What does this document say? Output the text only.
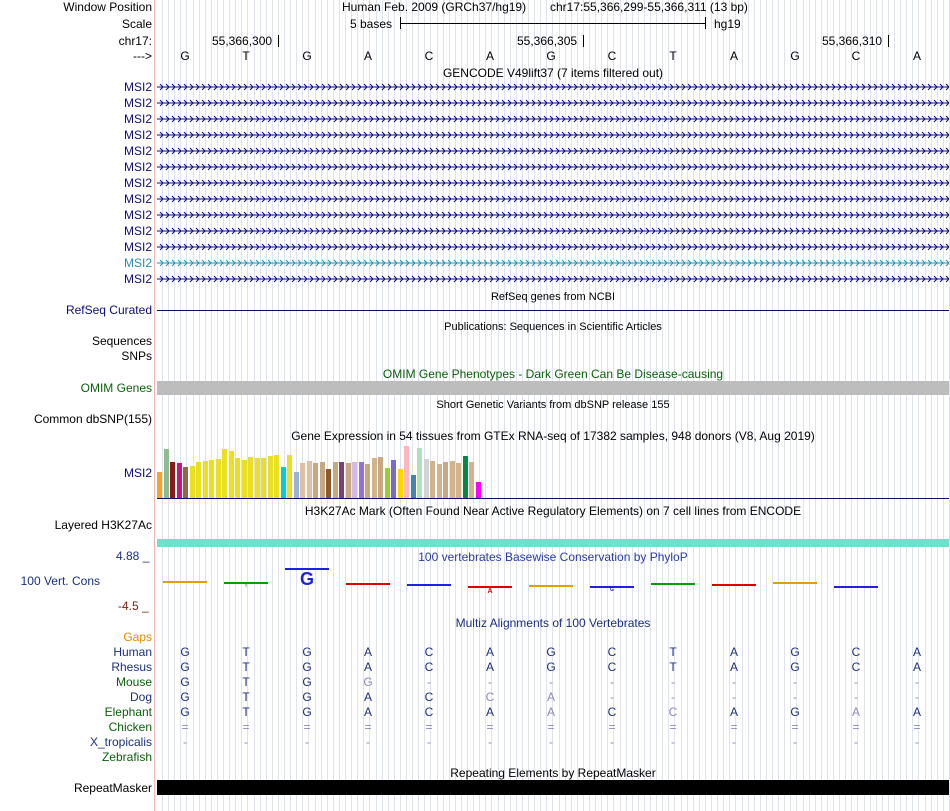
Window Position	Human Feb. 2009 (GRCh37/hg19) chr17:55,366,299-55,366,311 (13 bp)
Scale	5 bases	hg19
chr17:	55,366,300	55,366,305	55,366,310
--->	G	T	G	A	C	A	G	C	T	A	G	C	A
GENCODE V49lift37 (7 items filtered out)
MSI2
MSI2
MSI2
MSI2
MSI2
MSI2
MSI2
MSI2
MSI2
MSI2
MSI2
MSI2
MSI2
RefSeq genes from NCBI
RefSeq Curated
Publications: Sequences in Scientific Articles
Sequences
SNPs
OMIM Gene Phenotypes - Dark Green Can Be Disease-causing
OMIM Genes
Short Genetic Variants from dbSNP release 155
Common dbSNP(155)
Gene Expression in 54 tissues from GTEx RNA-seq of 17382 samples, 948 donors (V8, Aug 2019)
MSI2
H3K27Ac Mark (Often Found Near Active Regulatory Elements) on 7 cell lines from ENCODE
Layered H3K27Ac
100 vertebrates Basewise Conservation by PhyloP
4.88 _
100 Vert. Cons
-4.5 _
T	G
A	G
Multiz Alignments of 100 Vertebrates
Gaps
Human	G	T	G	A	C	A	G	C	T	A	G	C	A
Rhesus	G	T	G	A	C	A	G	C	T	A	G	C	A
Mouse	G	T	G	G	-	-	-	-	-	-	-	-	-
Dog	G	T	G	A	C	C	A	-	-	-	-	-	-
Elephant	G	T	G	A	C	A	A	C	C	A	G	A	A
Chicken	=	=	=	=	=	=	=	=	=	=	=	=	=
X_tropicalis	-	-	-	-	-	-	-	-	-	-	-	-	-
Zebrafish
Repeating Elements by RepeatMasker
RepeatMasker
